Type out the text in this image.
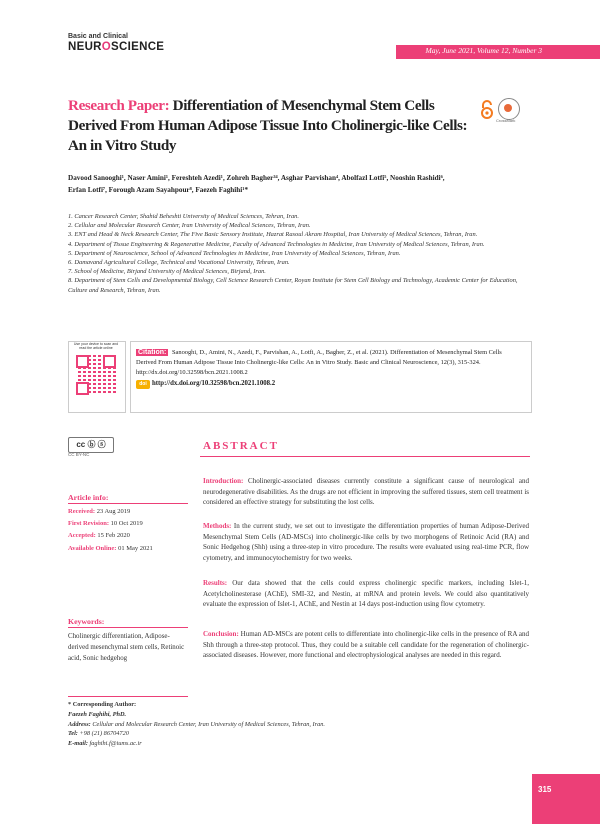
Basic and Clinical
NEUROSCIENCE	May, June 2021, Volume 12, Number 3
Research Paper: Differentiation of Mesenchymal Stem Cells Derived From Human Adipose Tissue Into Cholinergic-like Cells: An in Vitro Study
CrossMark
Davood Sanooghi¹, Naser Amini¹, Fereshteh Azedi¹, Zohreh Bagher³⁴, Asghar Parvishan⁴, Abolfazl Lotfi⁵, Nooshin Rashidi⁶,
Erfan Lotfi⁷, Forough Azam Sayahpour⁸, Faezeh Faghihi¹*

1. Cancer Research Center, Shahid Beheshti University of Medical Sciences, Tehran, Iran.

2. Cellular and Molecular Research Center, Iran University of Medical Sciences, Tehran, Iran.

3. ENT and Head & Neck Research Center, The Five Basic Sensory Institute, Hazrat Rasoul Akram Hospital, Iran University of Medical Sciences, Tehran, Iran.

4. Department of Tissue Engineering & Regenerative Medicine, Faculty of Advanced Technologies in Medicine, Iran University of Medical Sciences, Tehran, Iran.

5. Department of Neuroscience, School of Advanced Technologies in Medicine, Iran University of Medical Sciences, Tehran, Iran.

6. Damavand Agricultural College, Technical and Vocational University, Tehran, Iran.

7. School of Medicine, Birjand University of Medical Sciences, Birjand, Iran.

8. Department of Stem Cells and Developmental Biology, Cell Science Research Center, Royan Institute for Stem Cell Biology and Technology, Academic Center for Education, Culture and Research, Tehran, Iran.

Use your device to scan and read the article online
Citation: Sanooghi, D., Amini, N., Azedi, F., Parvishan, A., Lotfi, A., Bagher, Z., et al. (2021). Differentiation of Mesenchymal Stem Cells Derived From Human Adipose Tissue Into Cholinergic-like Cells: An in Vitro Study. Basic and Clinical Neuroscience, 12(3), 315-324. http://dx.doi.org/10.32598/bcn.2021.1008.2
doi http://dx.doi.org/10.32598/bcn.2021.1008.2
cc ⓑ ⓢ
CC BY-NC
ABSTRACT
Introduction: Cholinergic-associated diseases currently constitute a significant cause of neurological and neurodegenerative disabilities. As the drugs are not efficient in improving the suffered tissues, stem cell treatment is considered an effective strategy for substituting the lost cells.
Methods: In the current study, we set out to investigate the differentiation properties of human Adipose-Derived Mesenchymal Stem Cells (AD-MSCs) into cholinergic-like cells by two morphogens of Retinoic Acid (RA) and Sonic Hedgehog (Shh) using a three-step in vitro procedure. The results were evaluated using real-time PCR, flow cytometry, and immunocytochemistry for two weeks.
Results: Our data showed that the cells could express cholinergic specific markers, including Islet-1, Acetylcholinesterase (AChE), SMI-32, and Nestin, at mRNA and protein levels. We could also quantitatively evaluate the expression of Islet-1, AChE, and Nestin at 14 days post-induction using flow cytometry.
Conclusion: Human AD-MSCs are potent cells to differentiate into cholinergic-like cells in the presence of RA and Shh through a three-step protocol. Thus, they could be a suitable cell candidate for the regeneration of cholinergic-associated diseases. However, more functional and electrophysiological analyses are needed in this regard.
Article info:
Received: 23 Aug 2019
First Revision: 10 Oct 2019
Accepted: 15 Feb 2020
Available Online: 01 May 2021
Keywords:
Cholinergic differentiation, Adipose-derived mesenchymal stem cells, Retinoic acid, Sonic hedgehog
* Corresponding Author:
Faezeh Faghihi, PhD.
Address: Cellular and Molecular Research Center, Iran University of Medical Sciences, Tehran, Iran.
Tel: +98 (21) 86704720
E-mail: faghihi.f@iums.ac.ir
315
